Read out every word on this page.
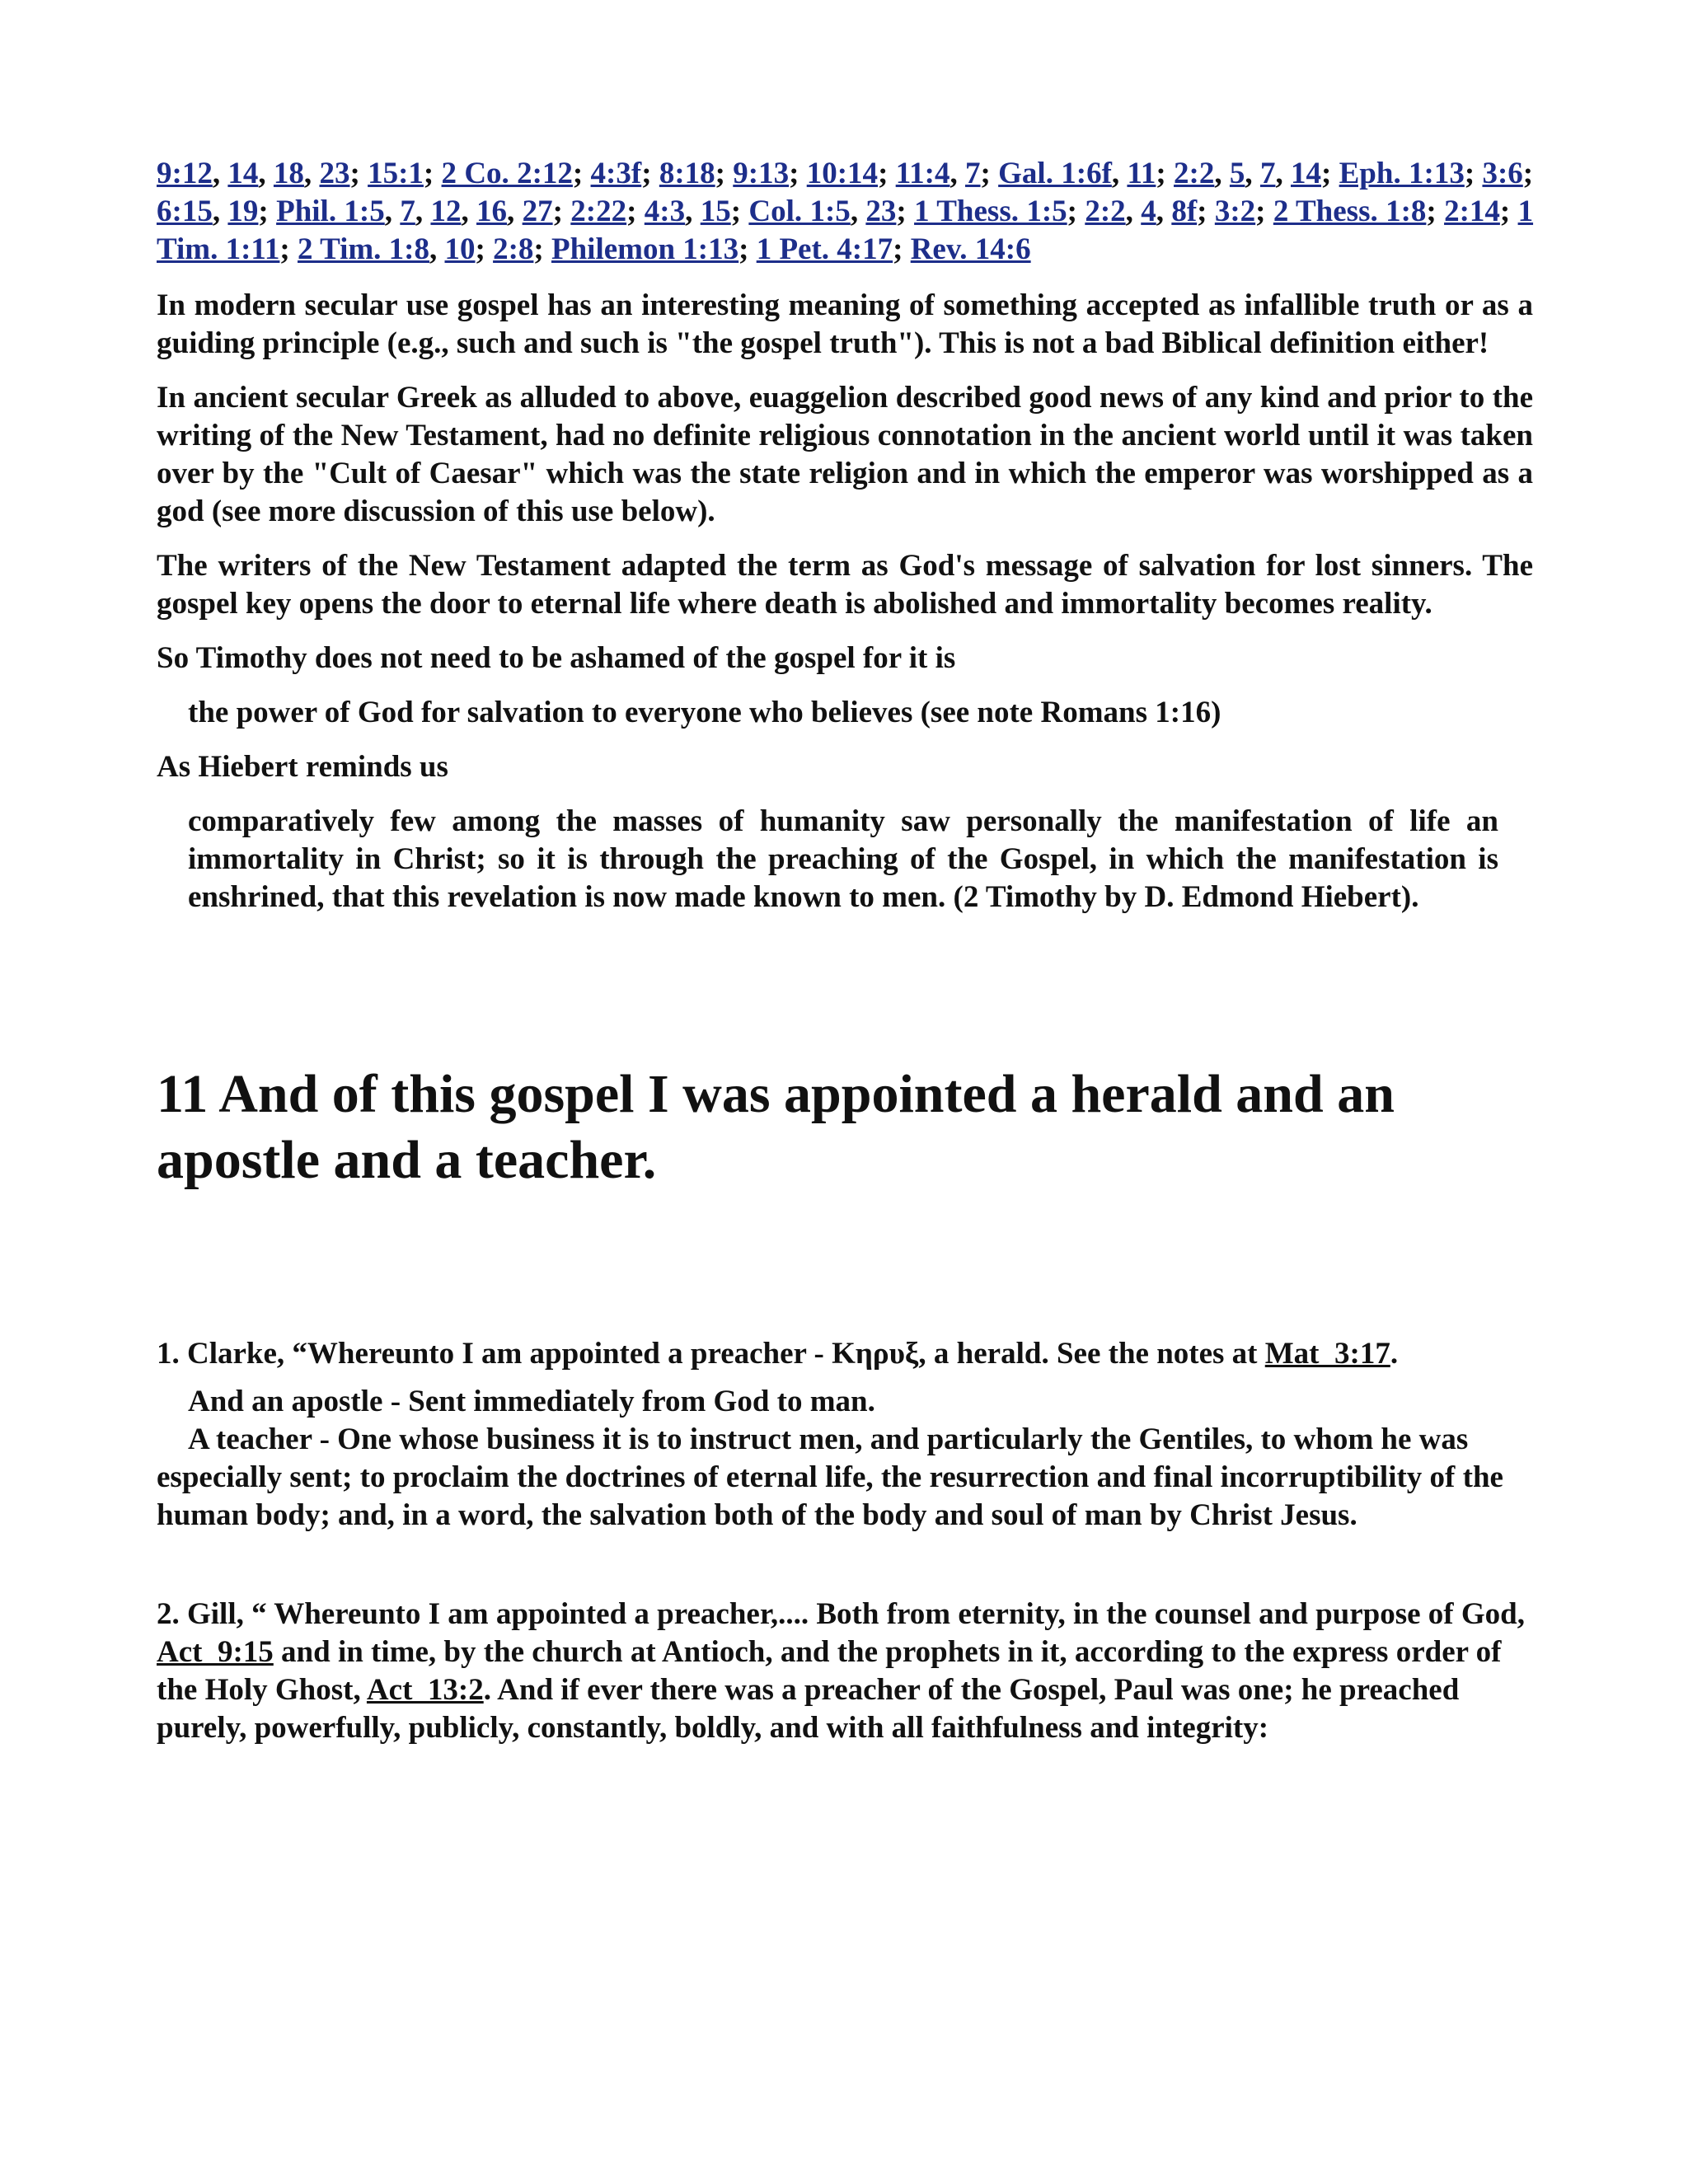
9:12, 14, 18, 23; 15:1; 2 Co. 2:12; 4:3f; 8:18; 9:13; 10:14; 11:4, 7; Gal. 1:6f, 11; 2:2, 5, 7, 14; Eph. 1:13; 3:6; 6:15, 19; Phil. 1:5, 7, 12, 16, 27; 2:22; 4:3, 15; Col. 1:5, 23; 1 Thess. 1:5; 2:2, 4, 8f; 3:2; 2 Thess. 1:8; 2:14; 1 Tim. 1:11; 2 Tim. 1:8, 10; 2:8; Philemon 1:13; 1 Pet. 4:17; Rev. 14:6

In modern secular use gospel has an interesting meaning of something accepted as infallible truth or as a guiding principle (e.g., such and such is "the gospel truth"). This is not a bad Biblical definition either!

In ancient secular Greek as alluded to above, euaggelion described good news of any kind and prior to the writing of the New Testament, had no definite religious connotation in the ancient world until it was taken over by the "Cult of Caesar" which was the state religion and in which the emperor was worshipped as a god (see more discussion of this use below).

The writers of the New Testament adapted the term as God's message of salvation for lost sinners. The gospel key opens the door to eternal life where death is abolished and immortality becomes reality.

So Timothy does not need to be ashamed of the gospel for it is

the power of God for salvation to everyone who believes (see note Romans 1:16)

As Hiebert reminds us

comparatively few among the masses of humanity saw personally the manifestation of life an immortality in Christ; so it is through the preaching of the Gospel, in which the manifestation is enshrined, that this revelation is now made known to men. (2 Timothy by D. Edmond Hiebert).

11 And of this gospel I was appointed a herald and an apostle and a teacher.
1. Clarke, “Whereunto I am appointed a preacher - Κηρυξ, a herald. See the notes at Mat_3:17.
And an apostle - Sent immediately from God to man.
A teacher - One whose business it is to instruct men, and particularly the Gentiles, to whom he was especially sent; to proclaim the doctrines of eternal life, the resurrection and final incorruptibility of the human body; and, in a word, the salvation both of the body and soul of man by Christ Jesus.
2. Gill, “ Whereunto I am appointed a preacher,.... Both from eternity, in the counsel and purpose of God, Act_9:15 and in time, by the church at Antioch, and the prophets in it, according to the express order of the Holy Ghost, Act_13:2. And if ever there was a preacher of the Gospel, Paul was one; he preached purely, powerfully, publicly, constantly, boldly, and with all faithfulness and integrity:
